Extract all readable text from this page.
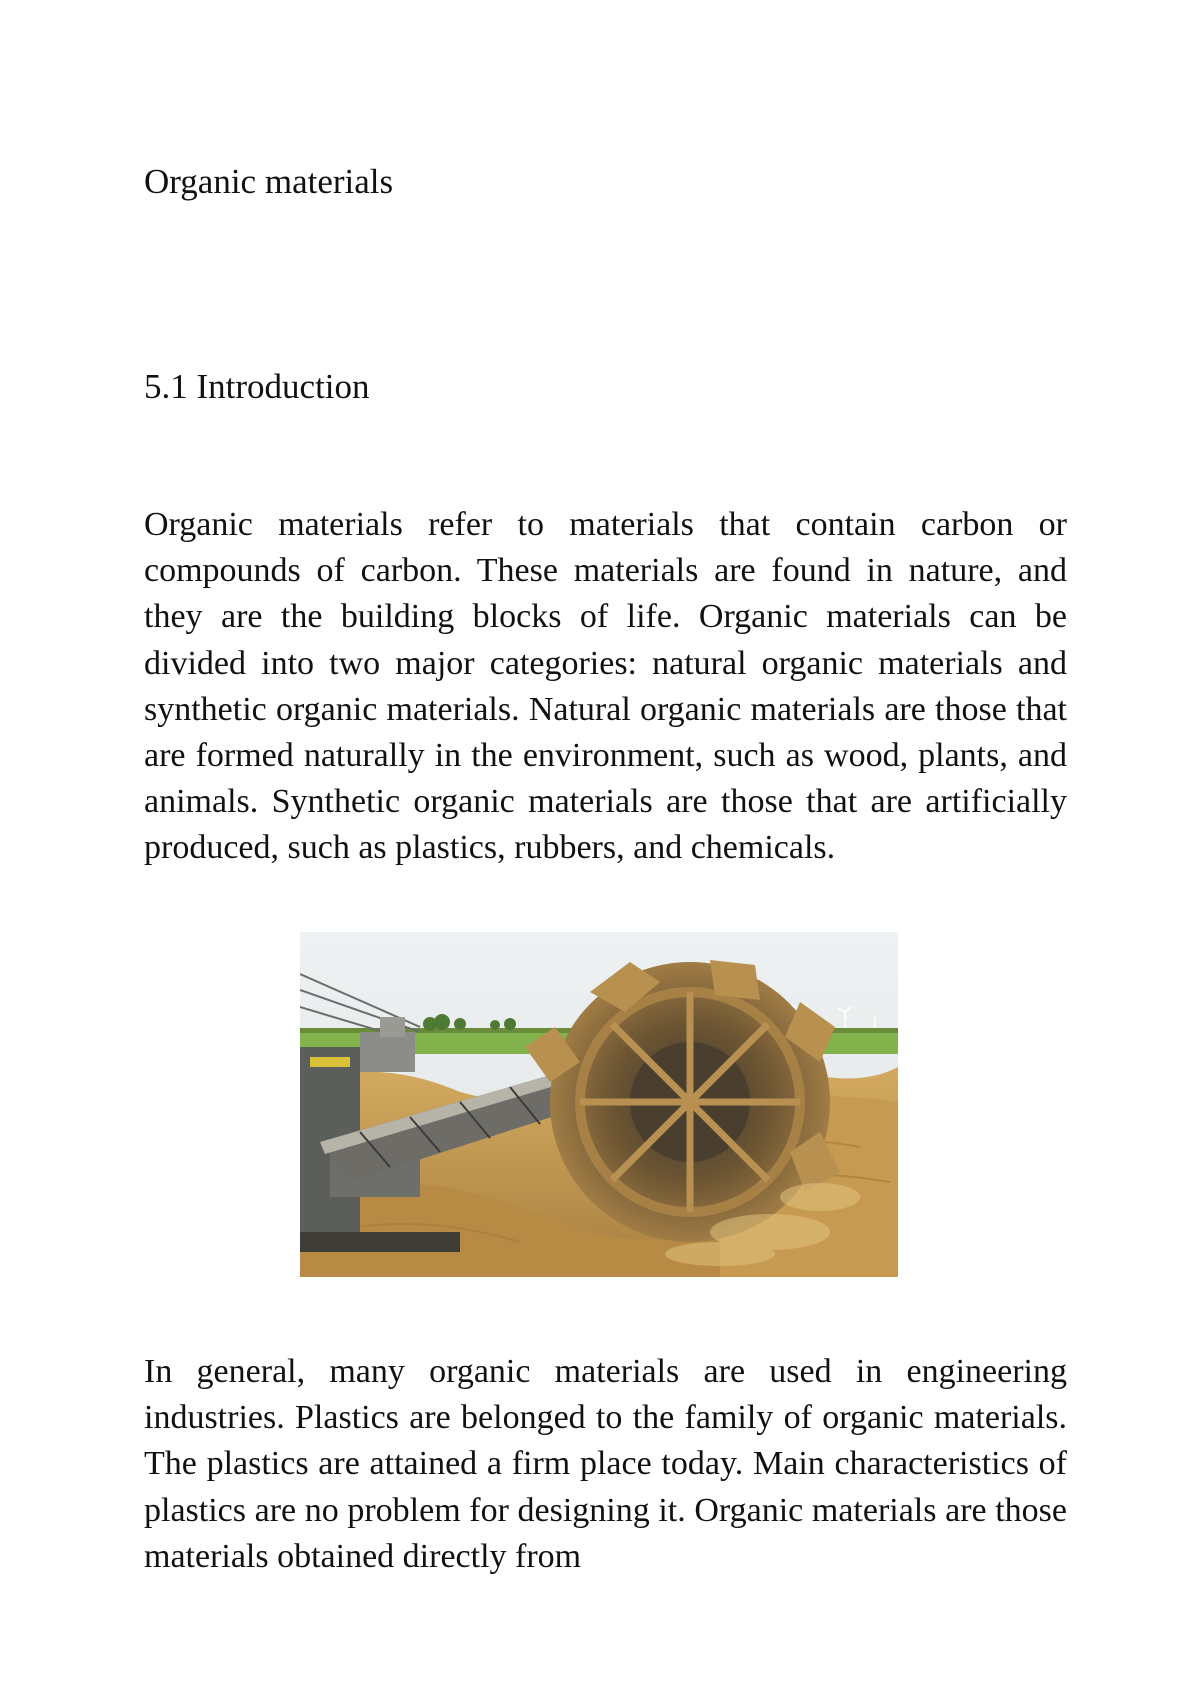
Organic materials
5.1 Introduction

Organic materials refer to materials that contain carbon or compounds of carbon. These materials are found in nature, and they are the building blocks of life. Organic materials can be divided into two major categories: natural organic materials and synthetic organic materials. Natural organic materials are those that are formed naturally in the environment, such as wood, plants, and animals. Synthetic organic materials are those that are artificially produced, such as plastics, rubbers, and chemicals.

In general, many organic materials are used in engineering industries. Plastics are belonged to the family of organic materials. The plastics are attained a firm place today. Main characteristics of plastics are no problem for designing it. Organic materials are those materials obtained directly from
